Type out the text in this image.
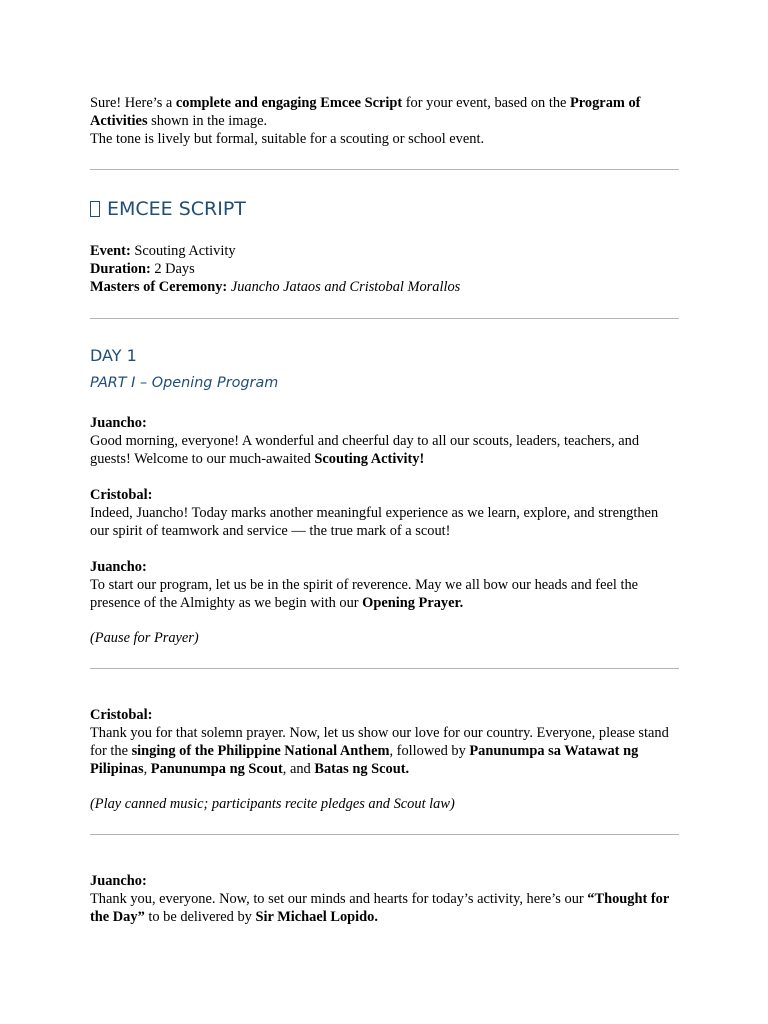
Sure! Here’s a complete and engaging Emcee Script for your event, based on the Program of Activities shown in the image.

The tone is lively but formal, suitable for a scouting or school event.

EMCEE SCRIPT

Event: Scouting Activity

Duration: 2 Days

Masters of Ceremony: Juancho Jataos and Cristobal Morallos

DAY 1
PART I – Opening Program

Juancho:

Good morning, everyone! A wonderful and cheerful day to all our scouts, leaders, teachers, and guests! Welcome to our much-awaited Scouting Activity!

Cristobal:

Indeed, Juancho! Today marks another meaningful experience as we learn, explore, and strengthen our spirit of teamwork and service — the true mark of a scout!

Juancho:

To start our program, let us be in the spirit of reverence. May we all bow our heads and feel the presence of the Almighty as we begin with our Opening Prayer.

(Pause for Prayer)

Cristobal:

Thank you for that solemn prayer. Now, let us show our love for our country. Everyone, please stand for the singing of the Philippine National Anthem, followed by Panunumpa sa Watawat ng Pilipinas, Panunumpa ng Scout, and Batas ng Scout.

(Play canned music; participants recite pledges and Scout law)

Juancho:

Thank you, everyone. Now, to set our minds and hearts for today’s activity, here’s our “Thought for the Day” to be delivered by Sir Michael Lopido.
